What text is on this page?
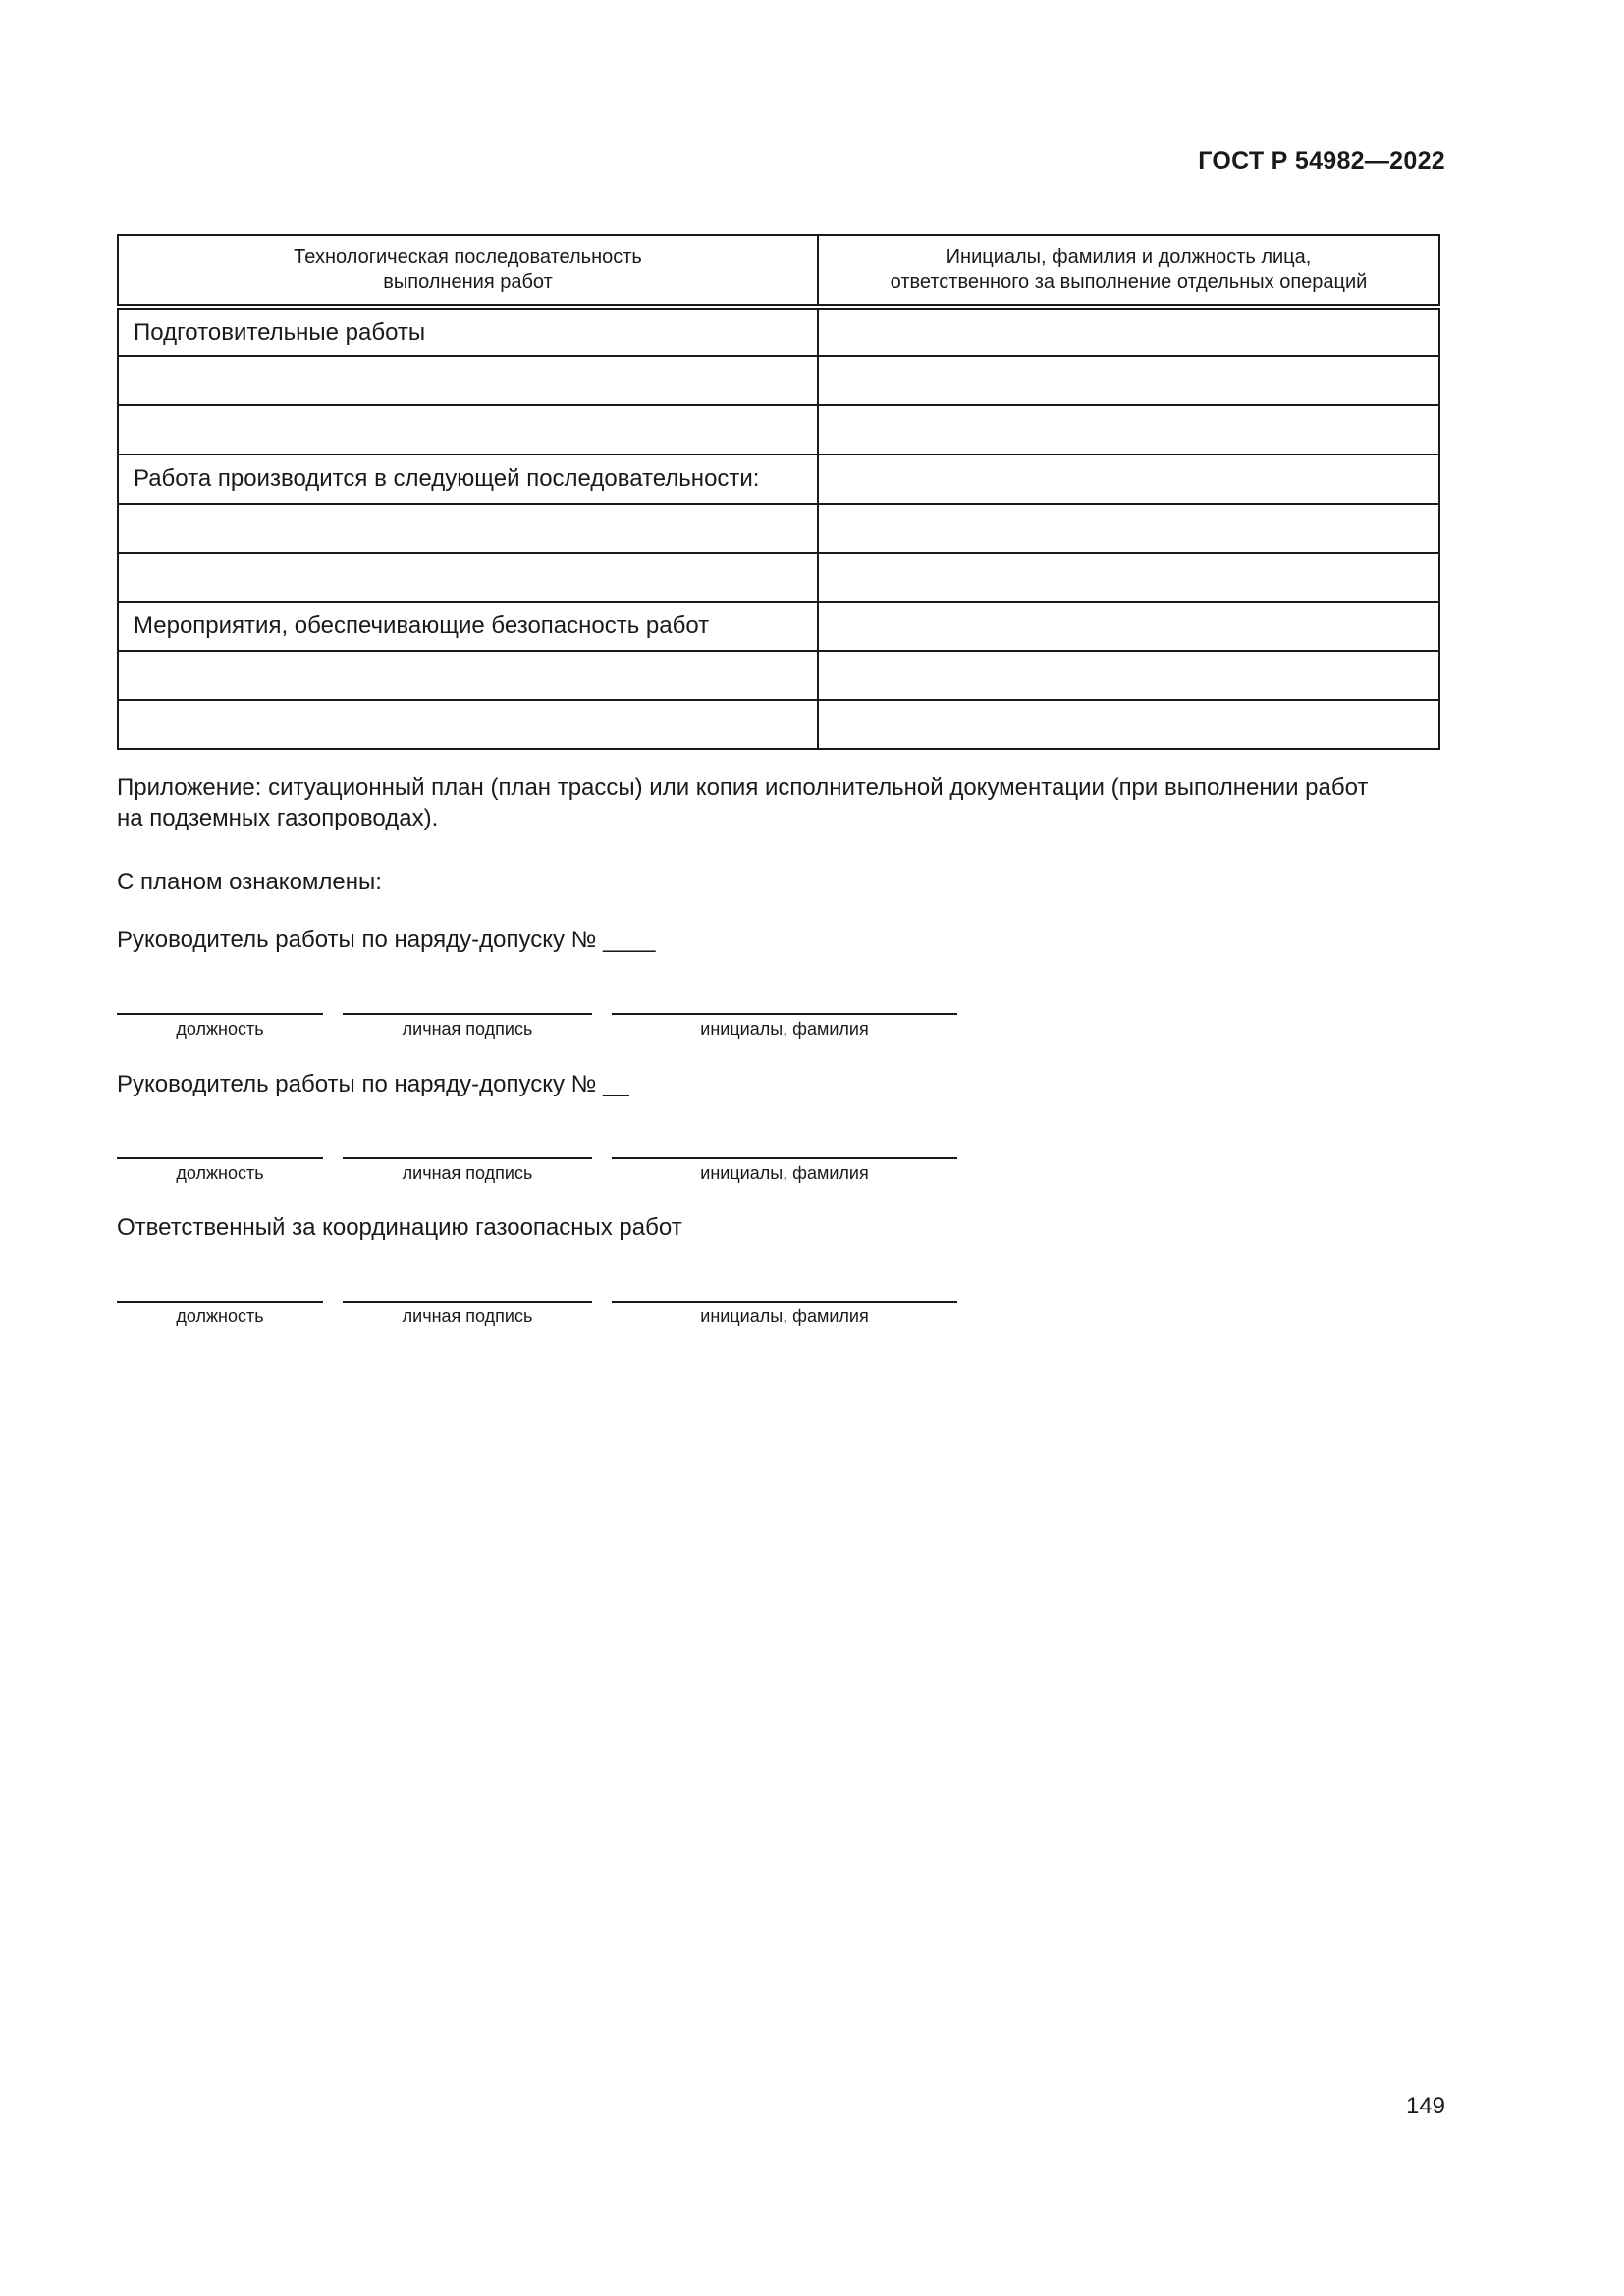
ГОСТ Р 54982—2022
Технологическая последовательность
выполнения работ	Инициалы, фамилия и должность лица,
ответственного за выполнение отдельных операций

Подготовительные работы	

Работа производится в следующей последовательности:	

Мероприятия, обеспечивающие безопасность работ	

Приложение: ситуационный план (план трассы) или копия исполнительной документации (при выполнении работ
на подземных газопроводах).
С планом ознакомлены:
Руководитель работы по наряду-допуску № ____
должность	личная подпись	инициалы, фамилия
Руководитель работы по наряду-допуску № __
должность	личная подпись	инициалы, фамилия
Ответственный за координацию газоопасных работ
должность	личная подпись	инициалы, фамилия
149
